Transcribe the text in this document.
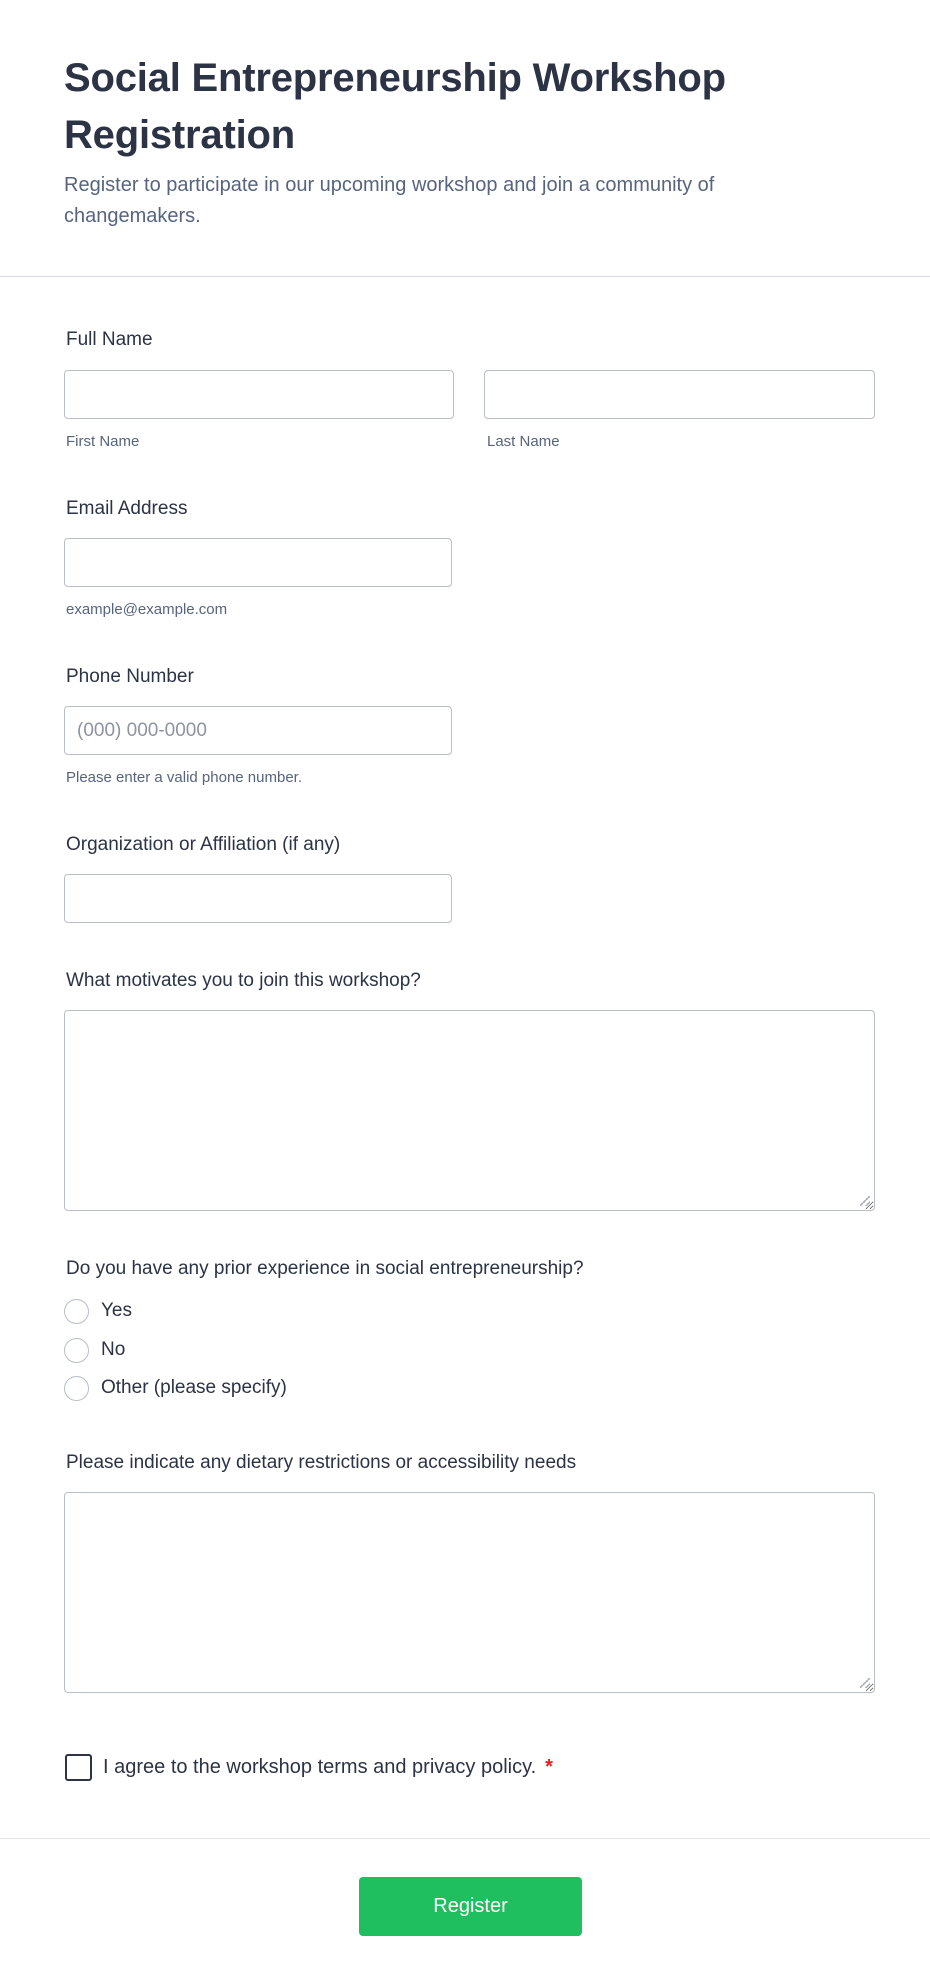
Social Entrepreneurship Workshop Registration

Register to participate in our upcoming workshop and join a community of changemakers.

Full Name
First Name	Last Name
Email Address
example@example.com
Phone Number
(000) 000-0000
Please enter a valid phone number.
Organization or Affiliation (if any)
What motivates you to join this workshop?
Do you have any prior experience in social entrepreneurship?
Yes
No
Other (please specify)
Please indicate any dietary restrictions or accessibility needs
I agree to the workshop terms and privacy policy. *
Register
